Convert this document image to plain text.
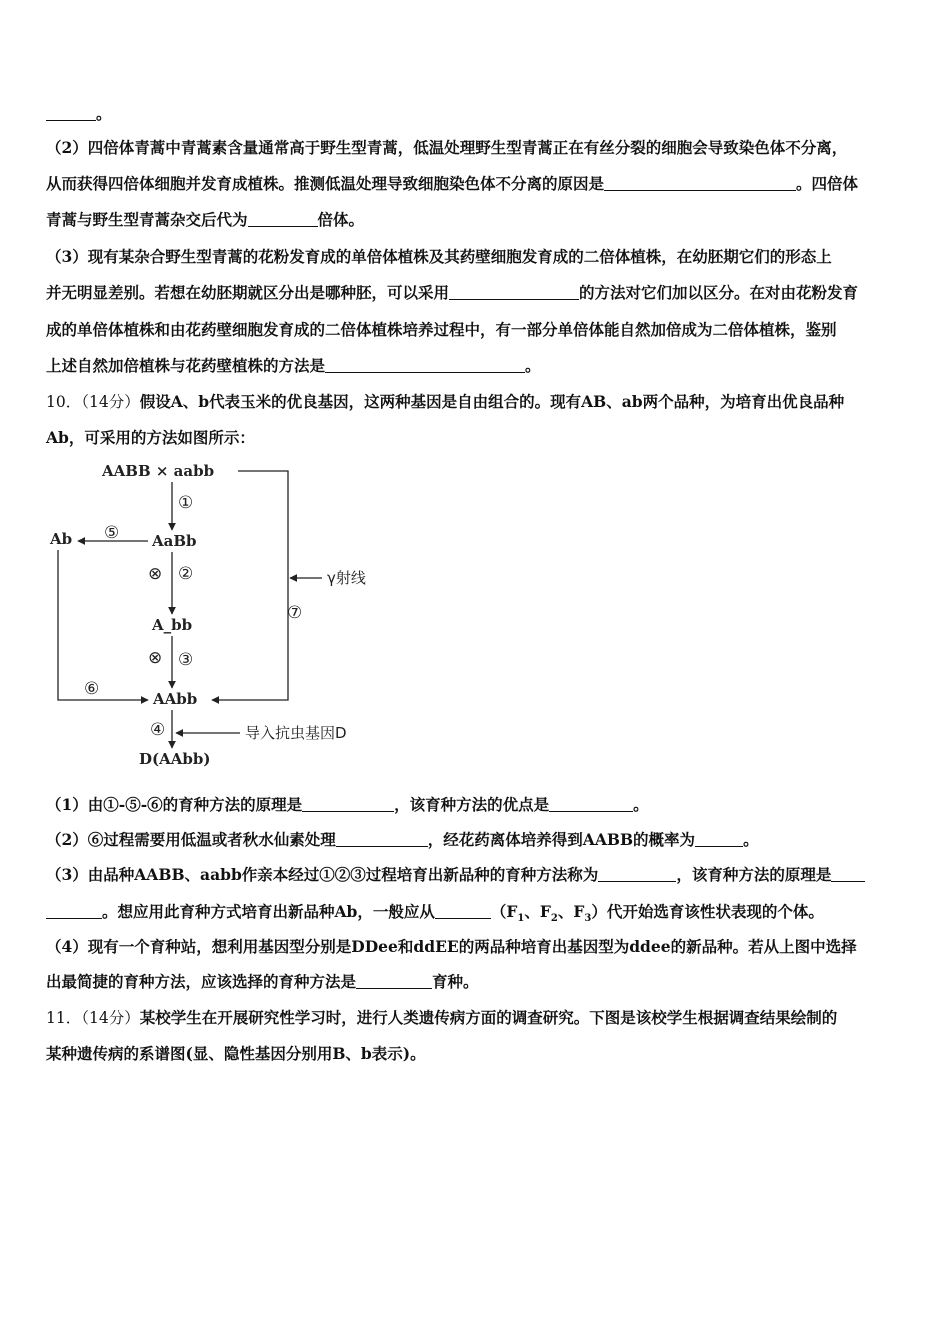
。
（2）四倍体青蒿中青蒿素含量通常高于野生型青蒿，低温处理野生型青蒿正在有丝分裂的细胞会导致染色体不分离，
从而获得四倍体细胞并发育成植株。推测低温处理导致细胞染色体不分离的原因是	。四倍体
青蒿与野生型青蒿杂交后代为	倍体。
（3）现有某杂合野生型青蒿的花粉发育成的单倍体植株及其药壁细胞发育成的二倍体植株，在幼胚期它们的形态上
并无明显差别。若想在幼胚期就区分出是哪种胚，可以采用	的方法对它们加以区分。在对由花粉发育
成的单倍体植株和由花药壁细胞发育成的二倍体植株培养过程中，有一部分单倍体能自然加倍成为二倍体植株，鉴别
上述自然加倍植株与花药壁植株的方法是	。
10．（14分）假设A、b代表玉米的优良基因，这两种基因是自由组合的。现有AB、ab两个品种，为培育出优良品种
Ab，可采用的方法如图所示：
AABB × aabb
AaBb
Ab
A_bb
AAbb
D(AAbb)
γ射线
导入抗虫基因D
①
②
③
④
⑤
⑥
⑦
⊗
⊗
（1）由①-⑤-⑥的育种方法的原理是	，该育种方法的优点是	。
（2）⑥过程需要用低温或者秋水仙素处理	，经花药离体培养得到AABB的概率为	。
（3）由品种AABB、aabb作亲本经过①②③过程培育出新品种的育种方法称为	，该育种方法的原理是
。想应用此育种方式培育出新品种Ab，一般应从	（$F_1$、$F_2$、$F_3$）代开始选育该性状表现的个体。
（4）现有一个育种站，想利用基因型分别是DDee和ddEE的两品种培育出基因型为ddee的新品种。若从上图中选择
出最简捷的育种方法，应该选择的育种方法是	育种。
11．（14分）某校学生在开展研究性学习时，进行人类遗传病方面的调查研究。下图是该校学生根据调查结果绘制的
某种遗传病的系谱图(显、隐性基因分别用B、b表示)。
